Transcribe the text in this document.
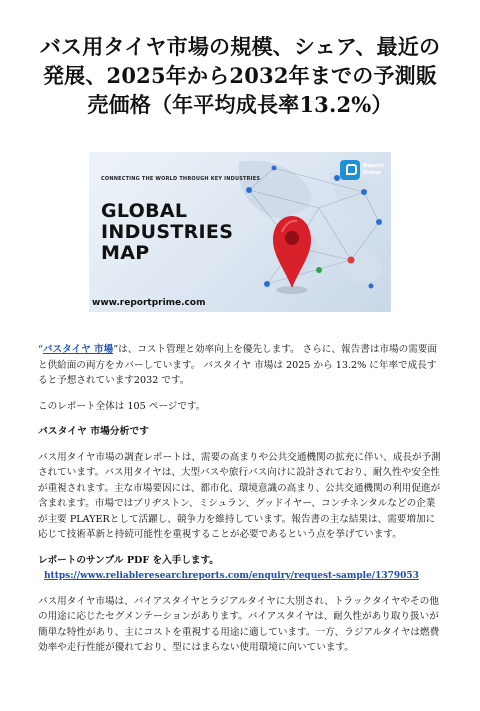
バス用タイヤ市場の規模、シェア、最近の発展、2025年から2032年までの予測販売価格（年平均成長率13.2%）
CONNECTING THE WORLD THROUGH KEY INDUSTRIES
GLOBAL INDUSTRIES MAP
www.reportprime.com
Report
Prime

“バスタイヤ 市場”は、コスト管理と効率向上を優先します。 さらに、報告書は市場の需要面と供給面の両方をカバーしています。 バスタイヤ 市場は 2025 から 13.2% に年率で成長すると予想されています2032 です。

このレポート全体は 105 ページです。

バスタイヤ 市場分析です

バス用タイヤ市場の調査レポートは、需要の高まりや公共交通機関の拡充に伴い、成長が予測されています。バス用タイヤは、大型バスや旅行バス向けに設計されており、耐久性や安全性が重視されます。主な市場要因には、都市化、環境意識の高まり、公共交通機関の利用促進が含まれます。市場ではブリヂストン、ミシュラン、グッドイヤー、コンチネンタルなどの企業が主要 PLAYERとして活躍し、競争力を維持しています。報告書の主な結果は、需要増加に応じて技術革新と持続可能性を重視することが必要であるという点を挙げています。

レポートのサンプル PDF を入手します。https://www.reliableresearchreports.com/enquiry/request-sample/1379053

バス用タイヤ市場は、バイアスタイヤとラジアルタイヤに大別され、トラックタイヤやその他の用途に応じたセグメンテーションがあります。バイアスタイヤは、耐久性があり取り扱いが簡単な特性があり、主にコストを重視する用途に適しています。一方、ラジアルタイヤは燃費効率や走行性能が優れており、型にはまらない使用環境に向いています。
